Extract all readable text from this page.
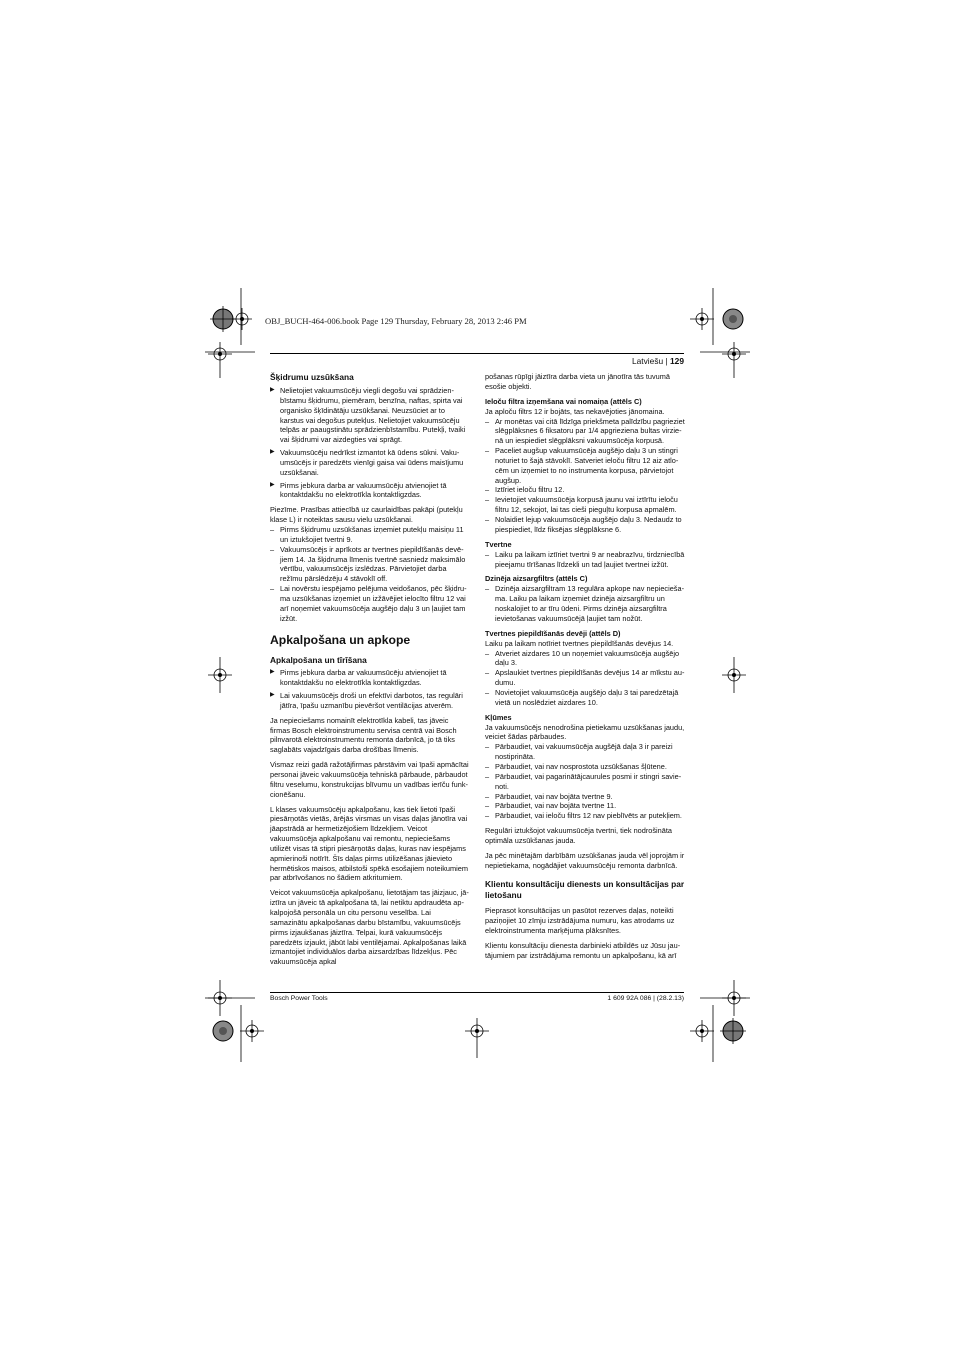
OBJ_BUCH-464-006.book Page 129 Thursday, February 28, 2013 2:46 PM
Latviešu | 129

Šķidrumu uzsūkšana

▶ Nelietojiet vakuumsūcēju viegli degošu vai sprādzienbīstamu šķidrumu, piemēram, benzīna, naftas, spirta vai organisko šķīdinātāju uzsūkšanai. Neuzsūciet ar to karstus vai degošus putekļus. Nelietojiet vakuumsūcēju telpās ar paaugstinātu sprādzienbīstamību. Putekļi, tvaiki vai šķidrumi var aizdegties vai sprāgt.

▶ Vakuumsūcēju nedrīkst izmantot kā ūdens sūkni. Vakuumsūcējs ir paredzēts vienīgi gaisa vai ūdens maisījumu uzsūkšanai.

▶ Pirms jebkura darba ar vakuumsūcēju atvienojiet tā kontaktdakšu no elektrotīkla kontaktligzdas.

Piezīme. Prasības attiecībā uz caurlaidības pakāpi (putekļu klase L) ir noteiktas sausu vielu uzsūkšanai.

– Pirms šķidrumu uzsūkšanas izņemiet putekļu maisiņu 11 un iztukšojiet tvertni 9.

– Vakuumsūcējs ir aprīkots ar tvertnes piepildīšanās devējiem 14. Ja šķidruma līmenis tvertnē sasniedz maksimālo vērtību, vakuumsūcējs izslēdzas. Pārvietojiet darba režīmu pārslēdzēju 4 stāvoklī off.

– Lai novērstu iespējamo pelējuma veidošanos, pēc šķidruma uzsūkšanas izņemiet un izžāvējiet ielocīto filtru 12 vai arī noņemiet vakuumsūcēja augšējo daļu 3 un ļaujiet tam izžūt.

Apkalpošana un apkope

Apkalpošana un tīrīšana

▶ Pirms jebkura darba ar vakuumsūcēju atvienojiet tā kontaktdakšu no elektrotīkla kontaktligzdas.

▶ Lai vakuumsūcējs droši un efektīvi darbotos, tas regulāri jātīra, īpašu uzmanību pievēršot ventilācijas atverēm.

Ja nepieciešams nomainīt elektrotīkla kabeli, tas jāveic firmas Bosch elektroinstrumentu servisa centrā vai Bosch pilnvarotā elektroinstrumentu remonta darbnīcā, jo tā tiks saglabāts vajadzīgais darba drošības līmenis.

Vismaz reizi gadā ražotājfirmas pārstāvim vai īpaši apmācītai personai jāveic vakuumsūcēja tehniskā pārbaude, pārbaudot filtru veselumu, konstrukcijas blīvumu un vadības ierīču funkcionēšanu.

L klases vakuumsūcēju apkalpošanu, kas tiek lietoti īpaši piesārņotās vietās, ārējās virsmas un visas daļas jānotīra vai jāapstrādā ar hermetizējošiem līdzekļiem. Veicot vakuumsūcēja apkalpošanu vai remontu, nepieciešams utilizēt visas tā stipri piesārņotās daļas, kuras nav iespējams apmierinoši notīrīt. Šīs daļas pirms utilizēšanas jāievieto hermētiskos maisos, atbilstoši spēkā esošajiem noteikumiem par atbrīvošanos no šādiem atkritumiem.

Veicot vakuumsūcēja apkalpošanu, lietotājam tas jāizjauc, jāiztīra un jāveic tā apkalpošana tā, lai netiktu apdraudēta apkalpojošā personāla un citu personu veselība. Lai samazinātu apkalpošanas darbu bīstamību, vakuumsūcējs pirms izjaukšanas jāiztīra. Telpai, kurā vakuumsūcējs paredzēts izjaukt, jābūt labi ventilējamai. Apkalpošanas laikā izmantojiet individuālos darba aizsardzības līdzekļus. Pēc vakuumsūcēja apkal

pošanas rūpīgi jāiztīra darba vieta un jānotīra tās tuvumā esošie objekti.

Ieloču filtra izņemšana vai nomaiņa (attēls C)

Ja aploču filtrs 12 ir bojāts, tas nekavējoties jānomaina.

– Ar monētas vai citā līdzīga priekšmeta palīdzību pagrieziet slēgplāksnes 6 fiksatoru par 1/4 apgrieziena bultas virzienā un iespiediet slēgplāksni vakuumsūcēja korpusā.

– Paceliet augšup vakuumsūcēja augšējo daļu 3 un stingri noturiet to šajā stāvoklī. Satveriet ieloču filtru 12 aiz atlocēm un izņemiet to no instrumenta korpusa, pārvietojot augšup.

– Iztīriet ieloču filtru 12.

– Ievietojiet vakuumsūcēja korpusā jaunu vai iztīrītu ieloču filtru 12, sekojot, lai tas cieši pieguļtu korpusa apmalēm.

– Nolaidiet lejup vakuumsūcēja augšējo daļu 3. Nedaudz to piespiediet, līdz fiksējas slēgplāksne 6.

Tvertne

– Laiku pa laikam iztīriet tvertni 9 ar neabrazīvu, tirdzniecībā pieejamu tīrīšanas līdzekli un tad ļaujiet tvertnei izžūt.

Dzinēja aizsargfiltrs (attēls C)

– Dzinēja aizsargfiltram 13 regulāra apkope nav nepieciešаma. Laiku pa laikam izņemiet dzinēja aizsargfiltru un noskalojiet to ar tīru ūdeni. Pirms dzinēja aizsargfiltra ievietošanas vakuumsūcējā ļaujiet tam nožūt.

Tvertnes piepildīšanās devēji (attēls D)

Laiku pa laikam notīriet tvertnes piepildīšanās devējus 14.

– Atveriet aizdares 10 un noņemiet vakuumsūcēja augšējo daļu 3.

– Apslaukiet tvertnes piepildīšanās devējus 14 ar mīkstu audumu.

– Novietojiet vakuumsūcēja augšējo daļu 3 tai paredzētajā vietā un noslēdziet aizdares 10.

Kļūmes

Ja vakuumsūcējs nenodrošina pietiekamu uzsūkšanas jaudu, veiciet šādas pārbaudes.

– Pārbaudiet, vai vakuumsūcēja augšējā daļa 3 ir pareizi nostiprināta.

– Pārbaudiet, vai nav nosprostota uzsūkšanas šļūtene.

– Pārbaudiet, vai pagarinātājcaurules posmi ir stingri savienoti.

– Pārbaudiet, vai nav bojāta tvertne 9.

– Pārbaudiet, vai nav bojāta tvertne 11.

– Pārbaudiet, vai ieloču filtrs 12 nav pieblīvēts ar putekļiem.

Regulāri iztukšojot vakuumsūcēja tvertni, tiek nodrošināta optimāla uzsūkšanas jauda.

Ja pēc minētajām darbībām uzsūkšanas jauda vēl joprojām ir nepietiekama, nogādājiet vakuumsūcēju remonta darbnīcā.

Klientu konsultāciju dienests un konsultācijas par lietošanu

Pieprasot konsultācijas un pasūtot rezerves daļas, noteikti paziņojiet 10 zīmju izstrādājuma numuru, kas atrodams uz elektroinstrumenta marķējuma plāksnītes.

Klientu konsultāciju dienesta darbinieki atbildēs uz Jūsu jautājumiem par izstrādājuma remontu un apkalpošanu, kā arī

Bosch Power Tools	1 609 92A 086 | (28.2.13)
